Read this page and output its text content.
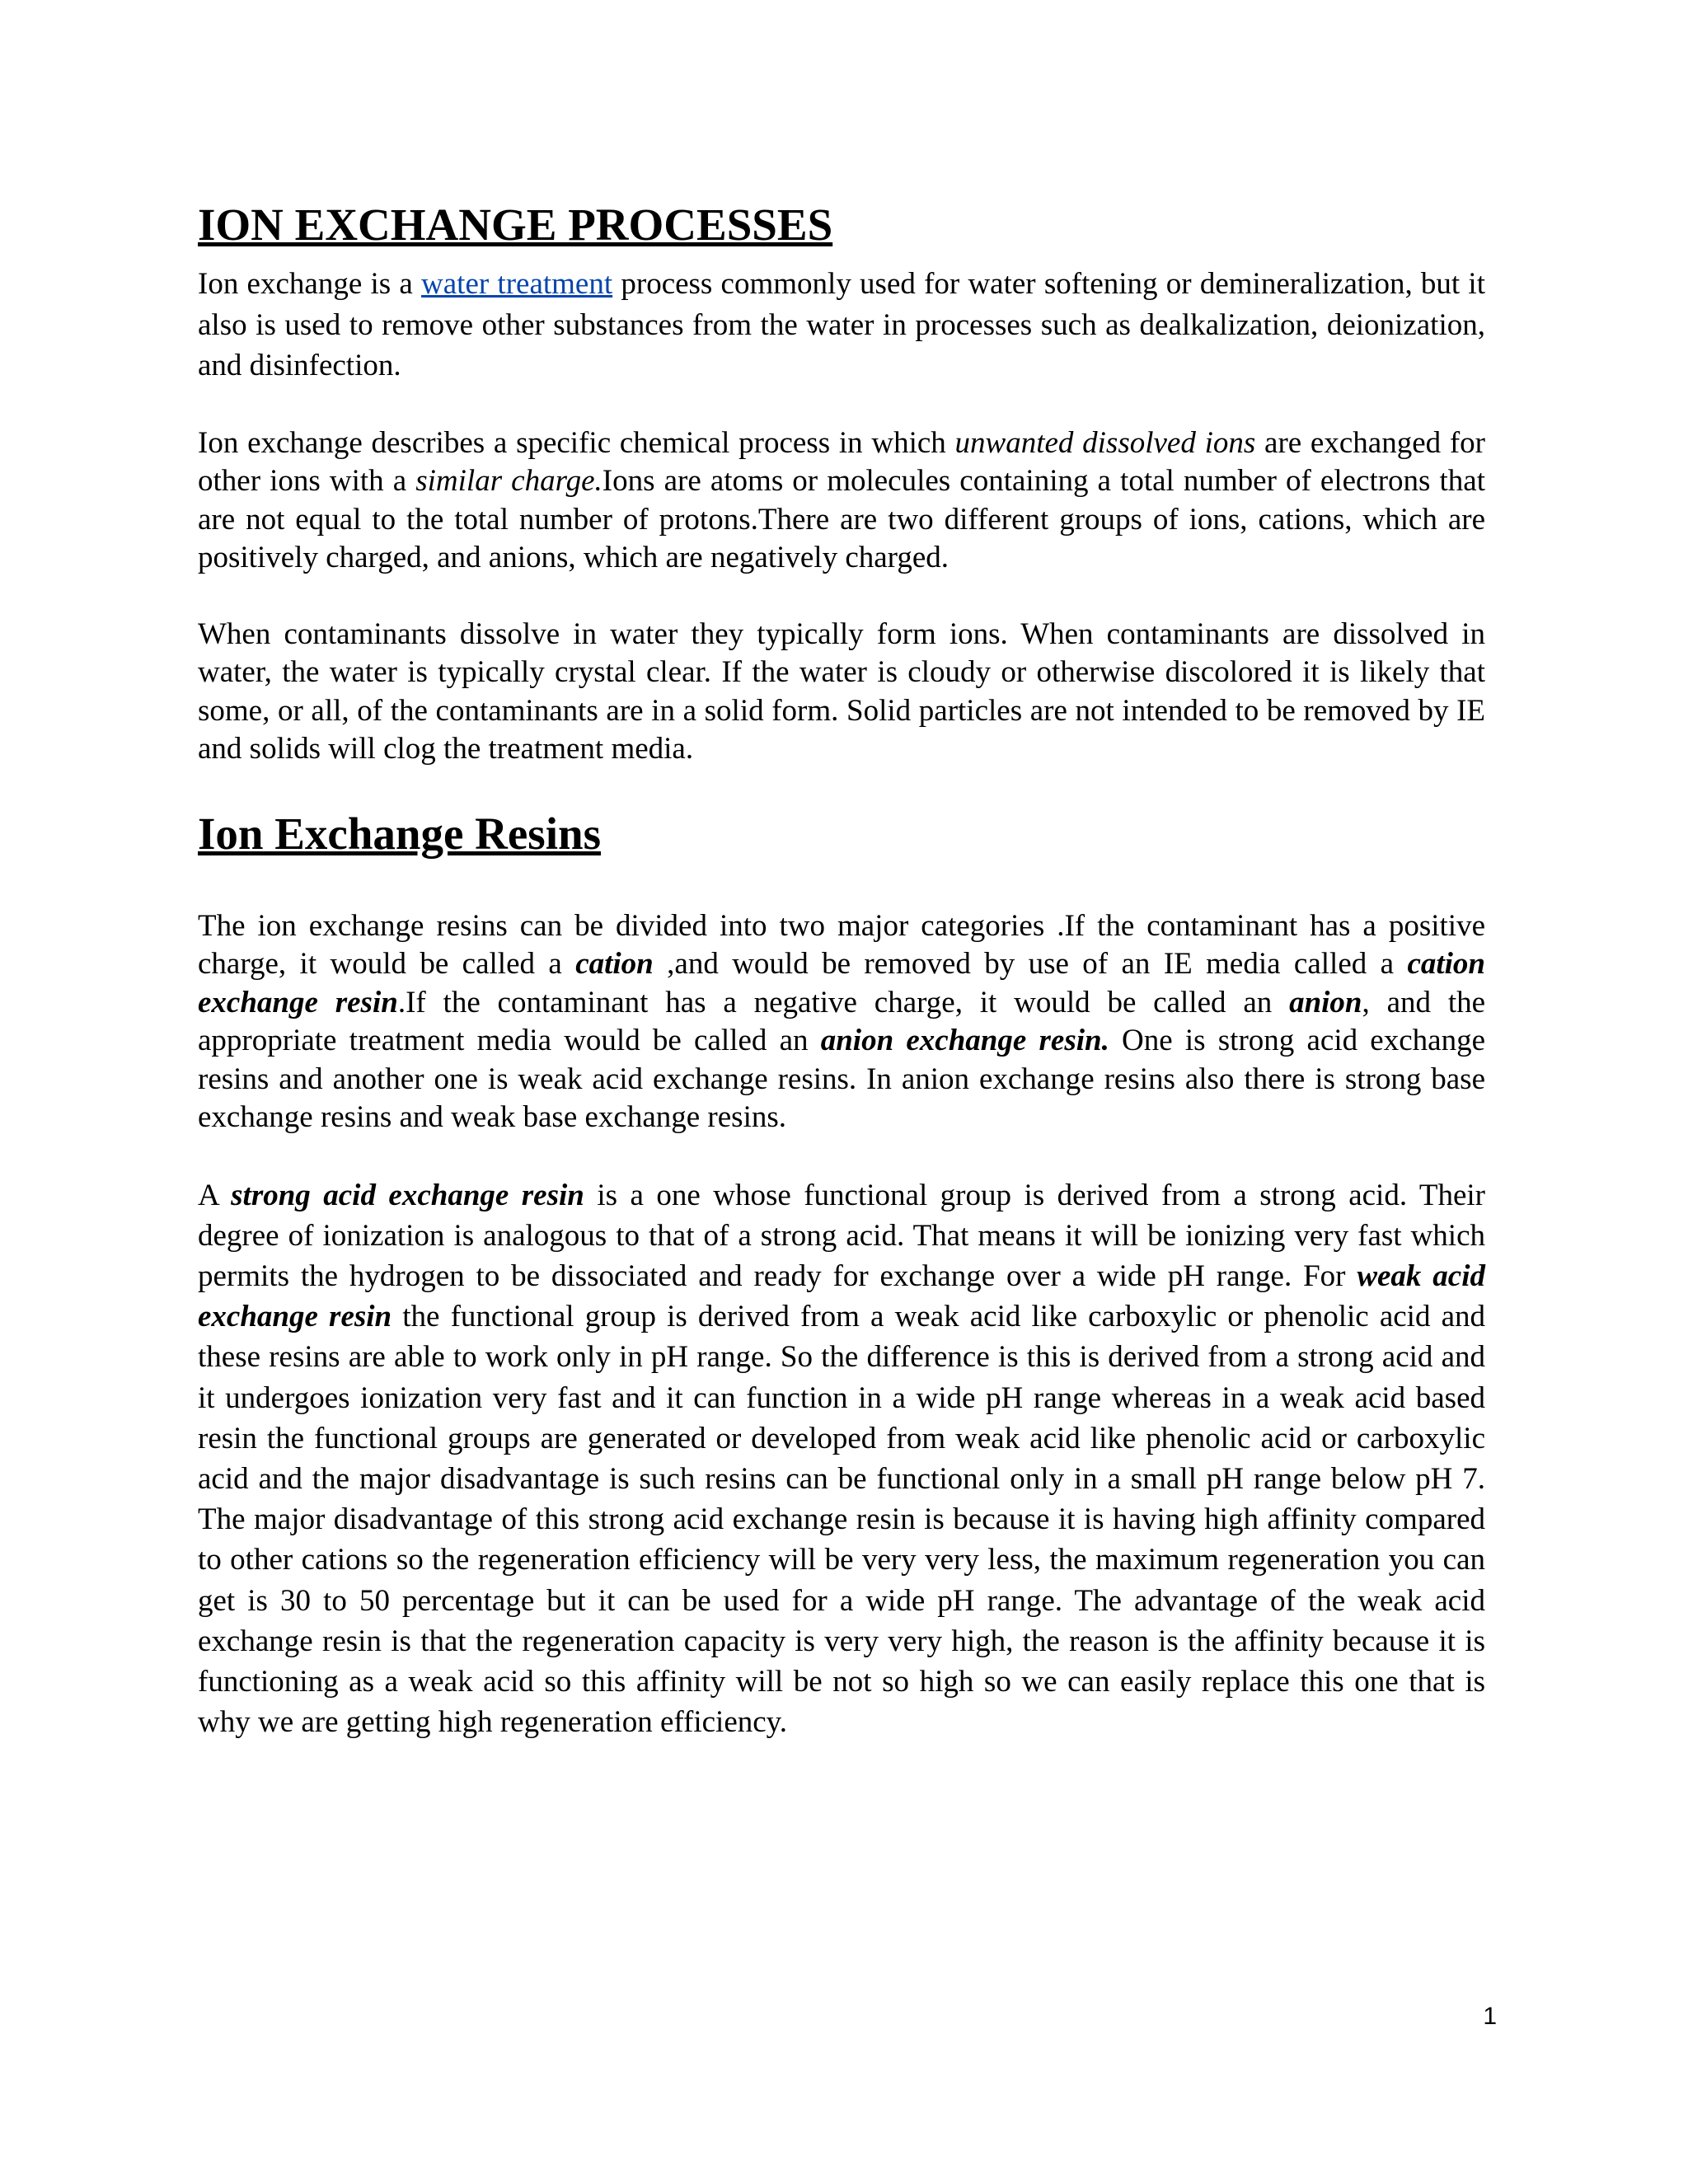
ION EXCHANGE PROCESSES

Ion exchange is a water treatment process commonly used for water softening or demineralization, but it also is used to remove other substances from the water in processes such as dealkalization, deionization, and disinfection.

Ion exchange describes a specific chemical process in which unwanted dissolved ions are exchanged for other ions with a similar charge.Ions are atoms or molecules containing a total number of electrons that are not equal to the total number of protons.There are two different groups of ions, cations, which are positively charged, and anions, which are negatively charged.

When contaminants dissolve in water they typically form ions. When contaminants are dissolved in water, the water is typically crystal clear. If the water is cloudy or otherwise discolored it is likely that some, or all, of the contaminants are in a solid form. Solid particles are not intended to be removed by IE and solids will clog the treatment media.

Ion Exchange Resins

The ion exchange resins can be divided into two major categories .If the contaminant has a positive charge, it would be called a cation ,and would be removed by use of an IE media called a cation exchange resin.If the contaminant has a negative charge, it would be called an anion, and the appropriate treatment media would be called an anion exchange resin. One is strong acid exchange resins and another one is weak acid exchange resins. In anion exchange resins also there is strong base exchange resins and weak base exchange resins.

A strong acid exchange resin is a one whose functional group is derived from a strong acid. Their degree of ionization is analogous to that of a strong acid. That means it will be ionizing very fast which permits the hydrogen to be dissociated and ready for exchange over a wide pH range. For weak acid exchange resin the functional group is derived from a weak acid like carboxylic or phenolic acid and these resins are able to work only in pH range. So the difference is this is derived from a strong acid and it undergoes ionization very fast and it can function in a wide pH range whereas in a weak acid based resin the functional groups are generated or developed from weak acid like phenolic acid or carboxylic acid and the major disadvantage is such resins can be functional only in a small pH range below pH 7. The major disadvantage of this strong acid exchange resin is because it is having high affinity compared to other cations so the regeneration efficiency will be very very less, the maximum regeneration you can get is 30 to 50 percentage but it can be used for a wide pH range. The advantage of the weak acid exchange resin is that the regeneration capacity is very very high, the reason is the affinity because it is functioning as a weak acid so this affinity will be not so high so we can easily replace this one that is why we are getting high regeneration efficiency.

1
